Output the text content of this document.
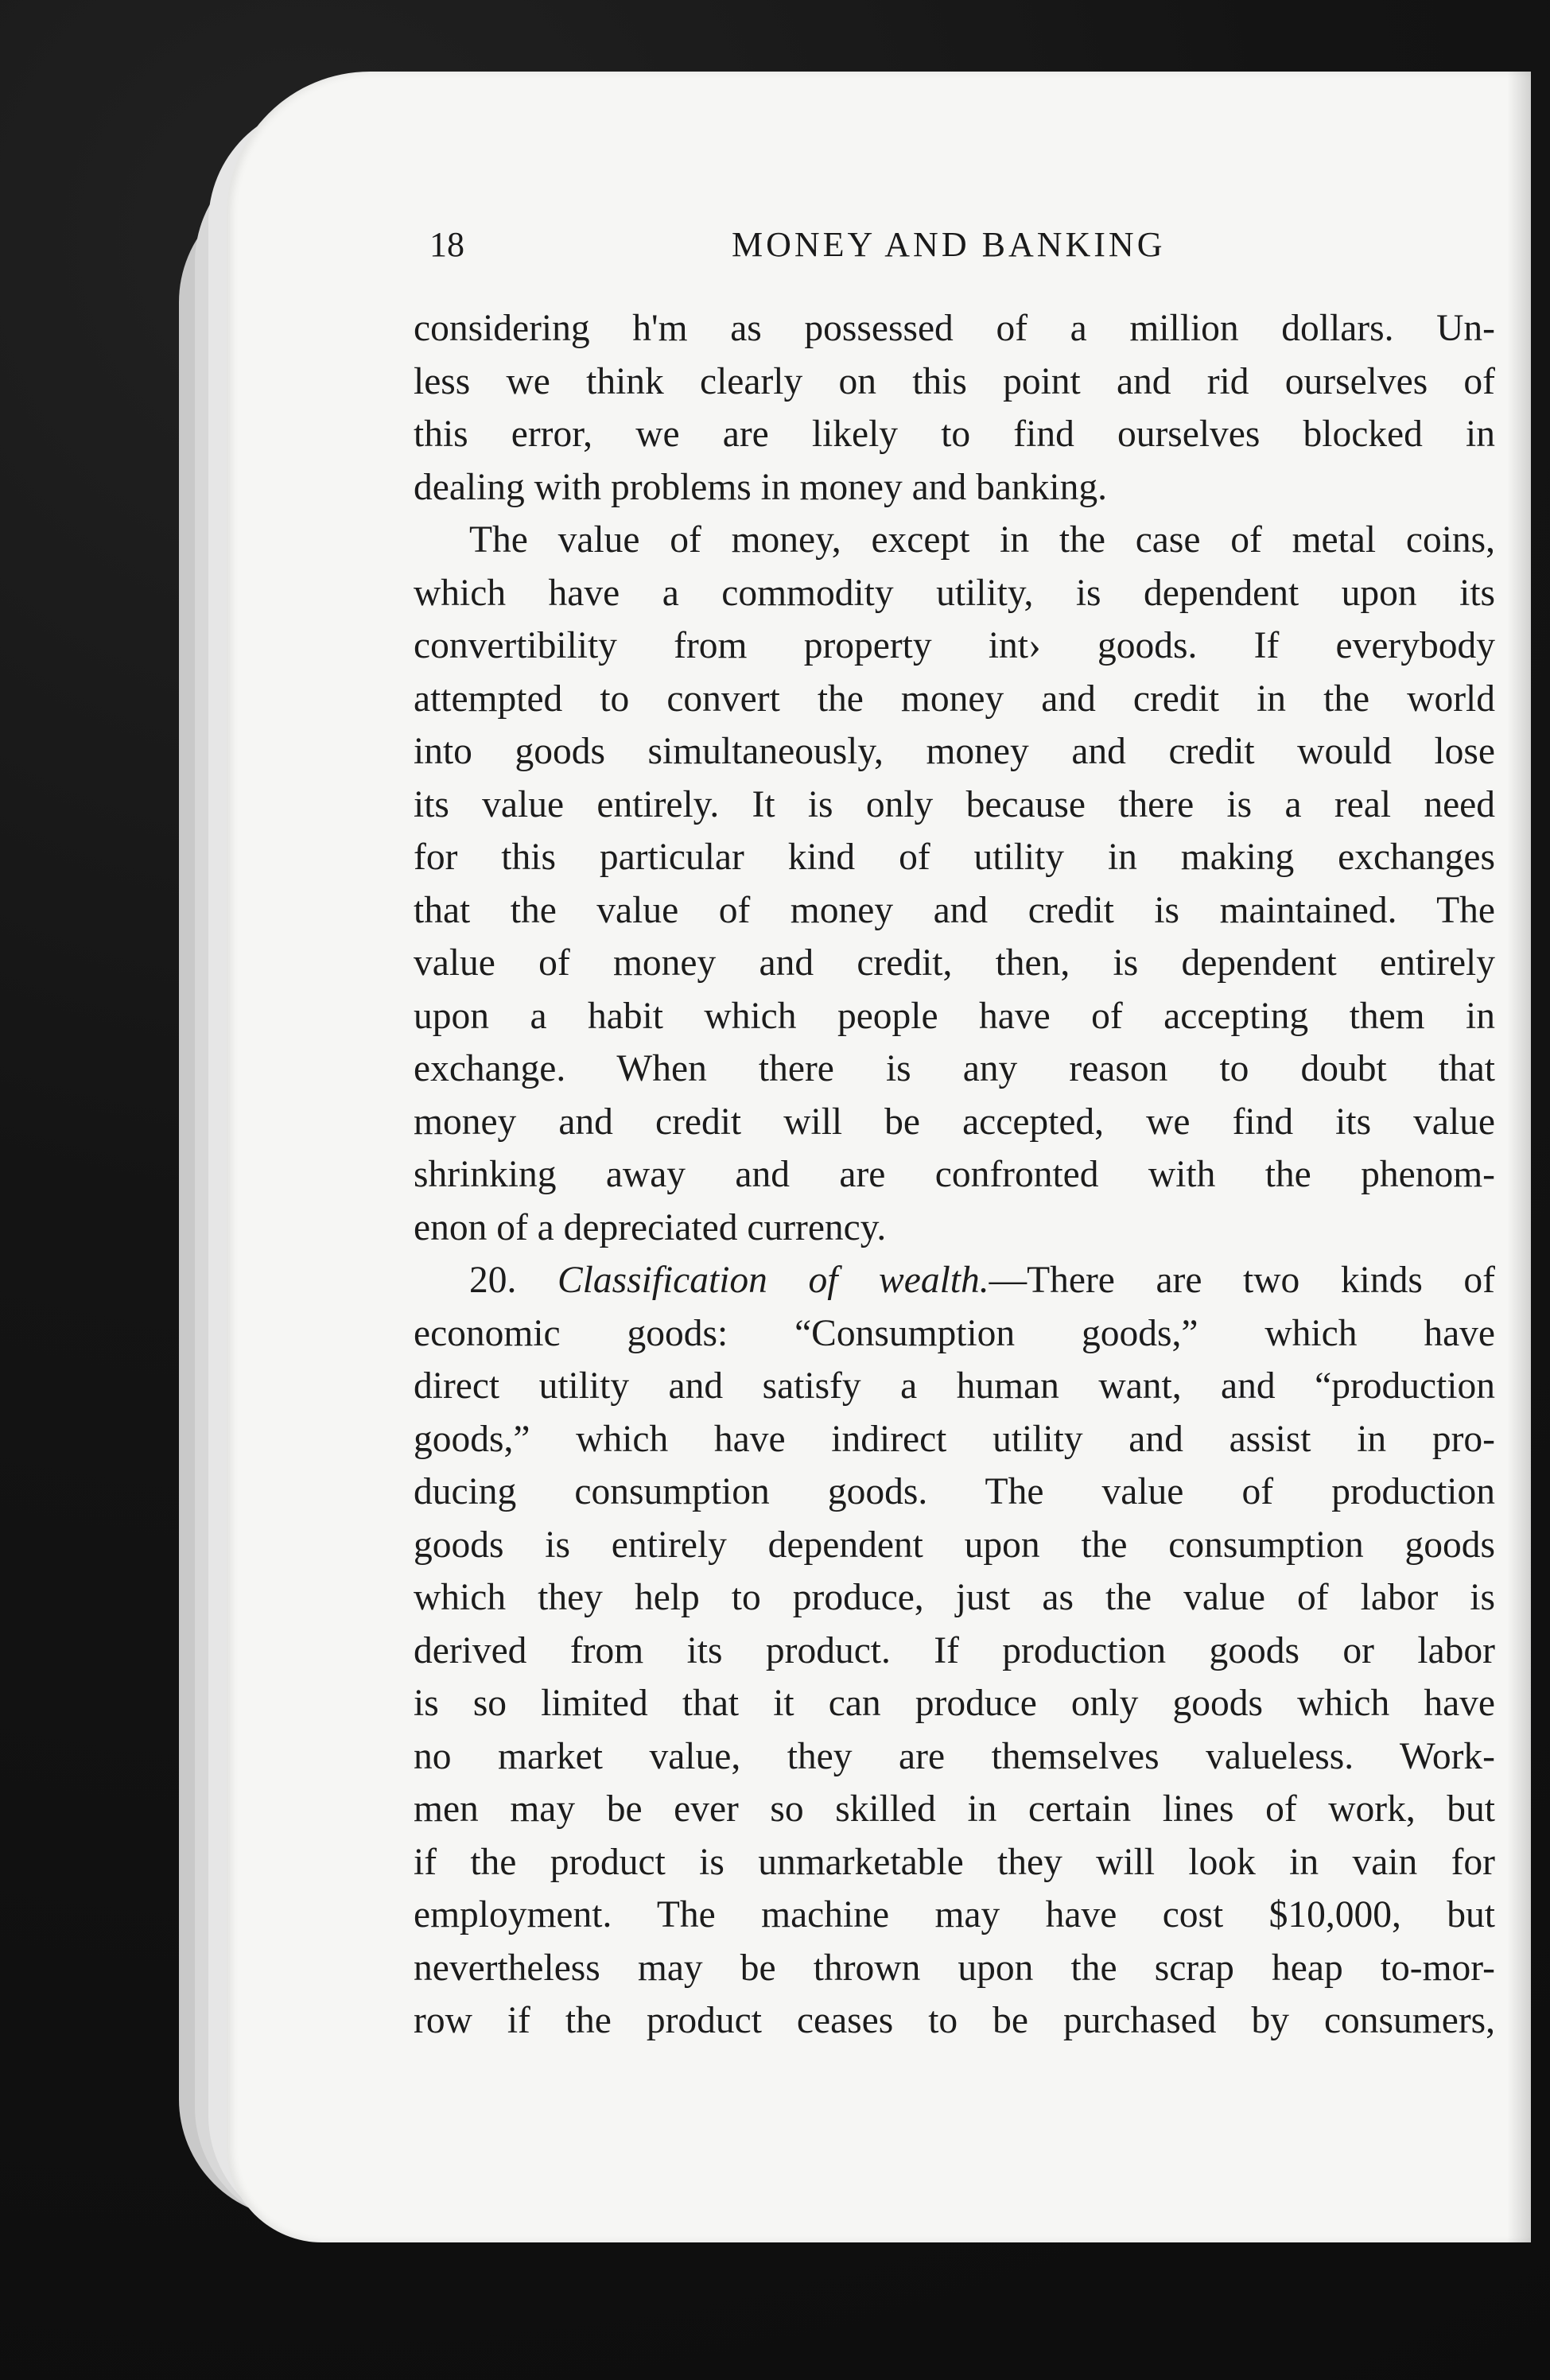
18	MONEY AND BANKING
considering h'm as possessed of a million dollars. Un-
less we think clearly on this point and rid ourselves of
this error, we are likely to find ourselves blocked in
dealing with problems in money and banking.
The value of money, except in the case of metal coins,
which have a commodity utility, is dependent upon its
convertibility from property int› goods. If everybody
attempted to convert the money and credit in the world
into goods simultaneously, money and credit would lose
its value entirely. It is only because there is a real need
for this particular kind of utility in making exchanges
that the value of money and credit is maintained. The
value of money and credit, then, is dependent entirely
upon a habit which people have of accepting them in
exchange. When there is any reason to doubt that
money and credit will be accepted, we find its value
shrinking away and are confronted with the phenom-
enon of a depreciated currency.
20. Classification of wealth.—There are two kinds of
economic goods: “Consumption goods,” which have
direct utility and satisfy a human want, and “production
goods,” which have indirect utility and assist in pro-
ducing consumption goods. The value of production
goods is entirely dependent upon the consumption goods
which they help to produce, just as the value of labor is
derived from its product. If production goods or labor
is so limited that it can produce only goods which have
no market value, they are themselves valueless. Work-
men may be ever so skilled in certain lines of work, but
if the product is unmarketable they will look in vain for
employment. The machine may have cost $10,000, but
nevertheless may be thrown upon the scrap heap to-mor-
row if the product ceases to be purchased by consumers,
